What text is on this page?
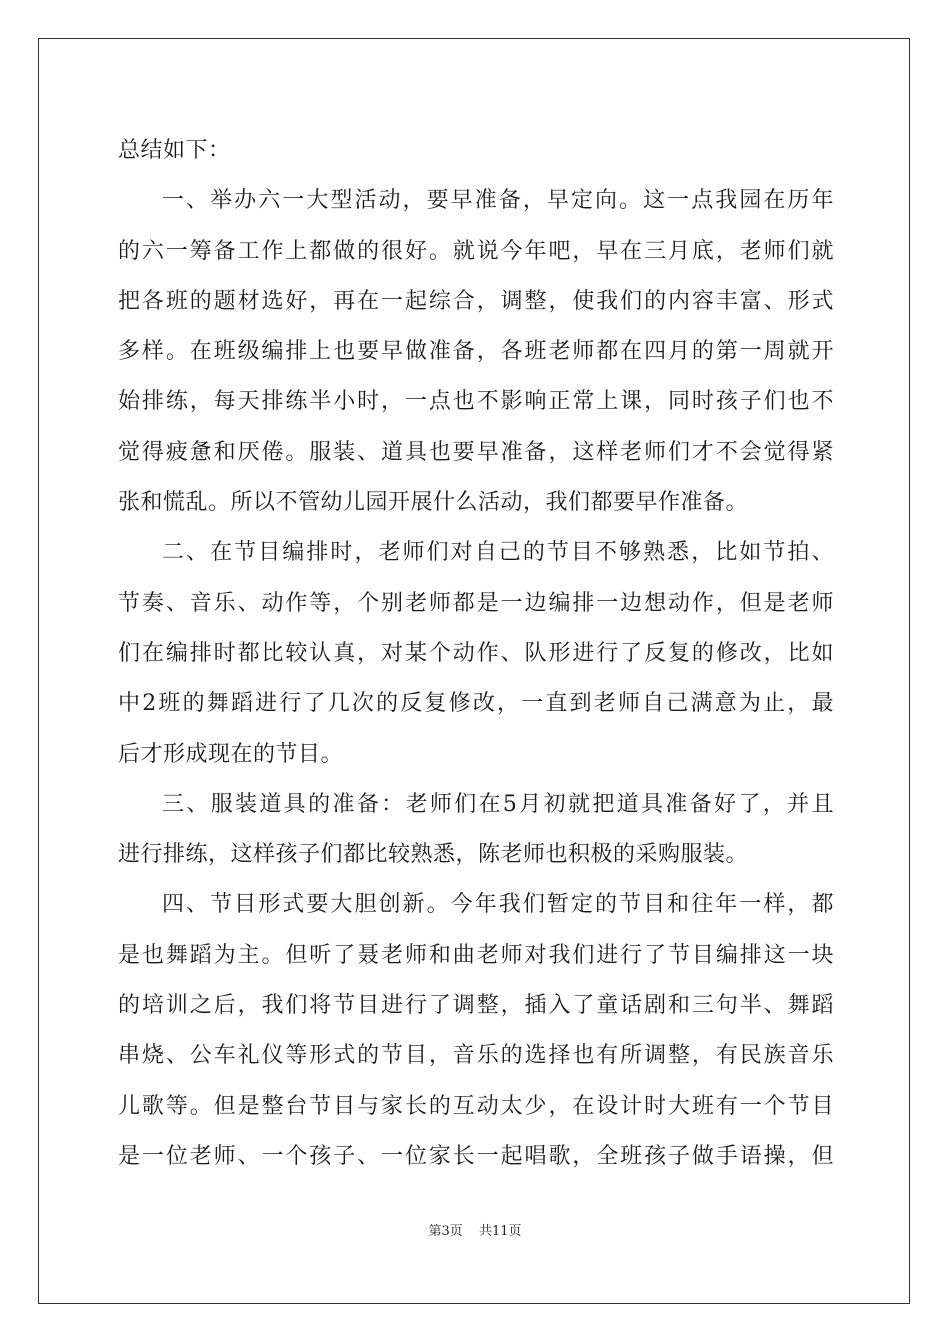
总结如下：
一、举办六一大型活动，要早准备，早定向。这一点我园在历年
的六一筹备工作上都做的很好。就说今年吧，早在三月底，老师们就
把各班的题材选好，再在一起综合，调整，使我们的内容丰富、形式
多样。在班级编排上也要早做准备，各班老师都在四月的第一周就开
始排练，每天排练半小时，一点也不影响正常上课，同时孩子们也不
觉得疲惫和厌倦。服装、道具也要早准备，这样老师们才不会觉得紧
张和慌乱。所以不管幼儿园开展什么活动，我们都要早作准备。
二、在节目编排时，老师们对自己的节目不够熟悉，比如节拍、
节奏、音乐、动作等，个别老师都是一边编排一边想动作，但是老师
们在编排时都比较认真，对某个动作、队形进行了反复的修改，比如
中2班的舞蹈进行了几次的反复修改，一直到老师自己满意为止，最
后才形成现在的节目。
三、服装道具的准备：老师们在5月初就把道具准备好了，并且
进行排练，这样孩子们都比较熟悉，陈老师也积极的采购服装。
四、节目形式要大胆创新。今年我们暂定的节目和往年一样，都
是也舞蹈为主。但听了聂老师和曲老师对我们进行了节目编排这一块
的培训之后，我们将节目进行了调整，插入了童话剧和三句半、舞蹈
串烧、公车礼仪等形式的节目，音乐的选择也有所调整，有民族音乐
儿歌等。但是整台节目与家长的互动太少，在设计时大班有一个节目
是一位老师、一个孩子、一位家长一起唱歌，全班孩子做手语操，但
第3页 共11页
